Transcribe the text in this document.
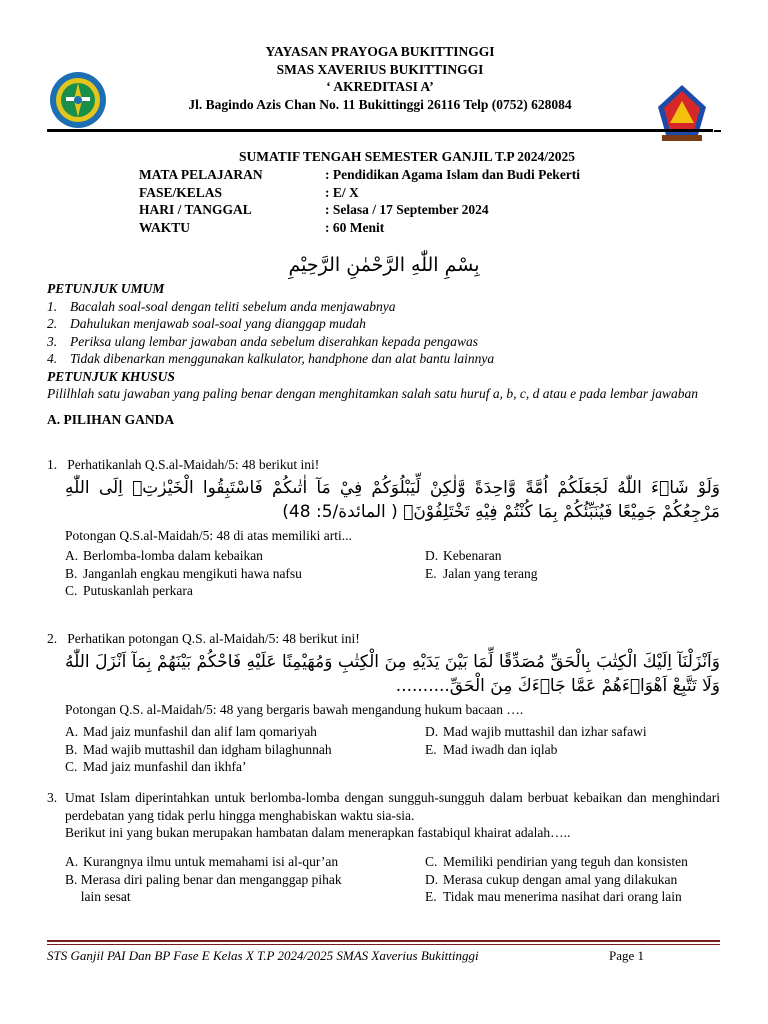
YAYASAN PRAYOGA BUKITTINGGI
SMAS XAVERIUS BUKITTINGGI
‘ AKREDITASI A’
Jl. Bagindo Azis Chan No. 11 Bukittinggi 26116 Telp (0752) 628084
SUMATIF TENGAH SEMESTER GANJIL T.P 2024/2025
MATA PELAJARAN	: Pendidikan Agama Islam dan Budi Pekerti
FASE/KELAS	: E/ X
HARI / TANGGAL	: Selasa / 17 September 2024
WAKTU	: 60 Menit
بِسْمِ اللّٰهِ الرَّحْمٰنِ الرَّحِيْمِ
PETUNJUK UMUM
1. Bacalah soal-soal dengan teliti sebelum anda menjawabnya
2. Dahulukan menjawab soal-soal yang dianggap mudah
3. Periksa ulang lembar jawaban anda sebelum diserahkan kepada pengawas
4. Tidak dibenarkan menggunakan kalkulator, handphone dan alat bantu lainnya
PETUNJUK KHUSUS
Pililhlah satu jawaban yang paling benar dengan menghitamkan salah satu huruf a, b, c, d atau e pada lembar jawaban
A. PILIHAN GANDA
1. Perhatikanlah Q.S.al-Maidah/5: 48 berikut ini!
وَلَوْ شَاۤءَ اللّٰهُ لَجَعَلَكُمْ اُمَّةً وَّاحِدَةً وَّلٰكِنْ لِّيَبْلُوَكُمْ فِيْ مَآ اٰتٰىكُمْ فَاسْتَبِقُوا الْخَيْرٰتِۗ اِلَى اللّٰهِ مَرْجِعُكُمْ جَمِيْعًا فَيُنَبِّئُكُمْ بِمَا كُنْتُمْ فِيْهِ تَخْتَلِفُوْنَۙ ( المائدة/5: 48)
Potongan Q.S.al-Maidah/5: 48 di atas memiliki arti...
A. Berlomba-lomba dalam kebaikan
B. Janganlah engkau mengikuti hawa nafsu
C. Putuskanlah perkara
D. Kebenaran
E. Jalan yang terang
2. Perhatikan potongan Q.S. al-Maidah/5: 48 berikut ini!
وَاَنْزَلْنَآ اِلَيْكَ الْكِتٰبَ بِالْحَقِّ مُصَدِّقًا لِّمَا بَيْنَ يَدَيْهِ مِنَ الْكِتٰبِ وَمُهَيْمِنًا عَلَيْهِ فَاحْكُمْ بَيْنَهُمْ بِمَآ اَنْزَلَ اللّٰهُ وَلَا تَتَّبِعْ اَهْوَاۤءَهُمْ عَمَّا جَاۤءَكَ مِنَ الْحَقِّ..........
Potongan Q.S. al-Maidah/5: 48 yang bergaris bawah mengandung hukum bacaan ….
A. Mad jaiz munfashil dan alif lam qomariyah
B. Mad wajib muttashil dan idgham bilaghunnah
C. Mad jaiz munfashil dan ikhfa’
D. Mad wajib muttashil dan izhar safawi
E. Mad iwadh dan iqlab
3. Umat Islam diperintahkan untuk berlomba-lomba dengan sungguh-sungguh dalam berbuat kebaikan dan menghindari perdebatan yang tidak perlu hingga menghabiskan waktu sia-sia.
Berikut ini yang bukan merupakan hambatan dalam menerapkan fastabiqul khairat adalah…..
A. Kurangnya ilmu untuk memahami isi al-qur’an
B. Merasa diri paling benar dan menganggap pihak lain sesat
C. Memiliki pendirian yang teguh dan konsisten
D. Merasa cukup dengan amal yang dilakukan
E. Tidak mau menerima nasihat dari orang lain
STS Ganjil PAI Dan BP Fase E Kelas X T.P 2024/2025 SMAS Xaverius Bukittinggi	Page 1
